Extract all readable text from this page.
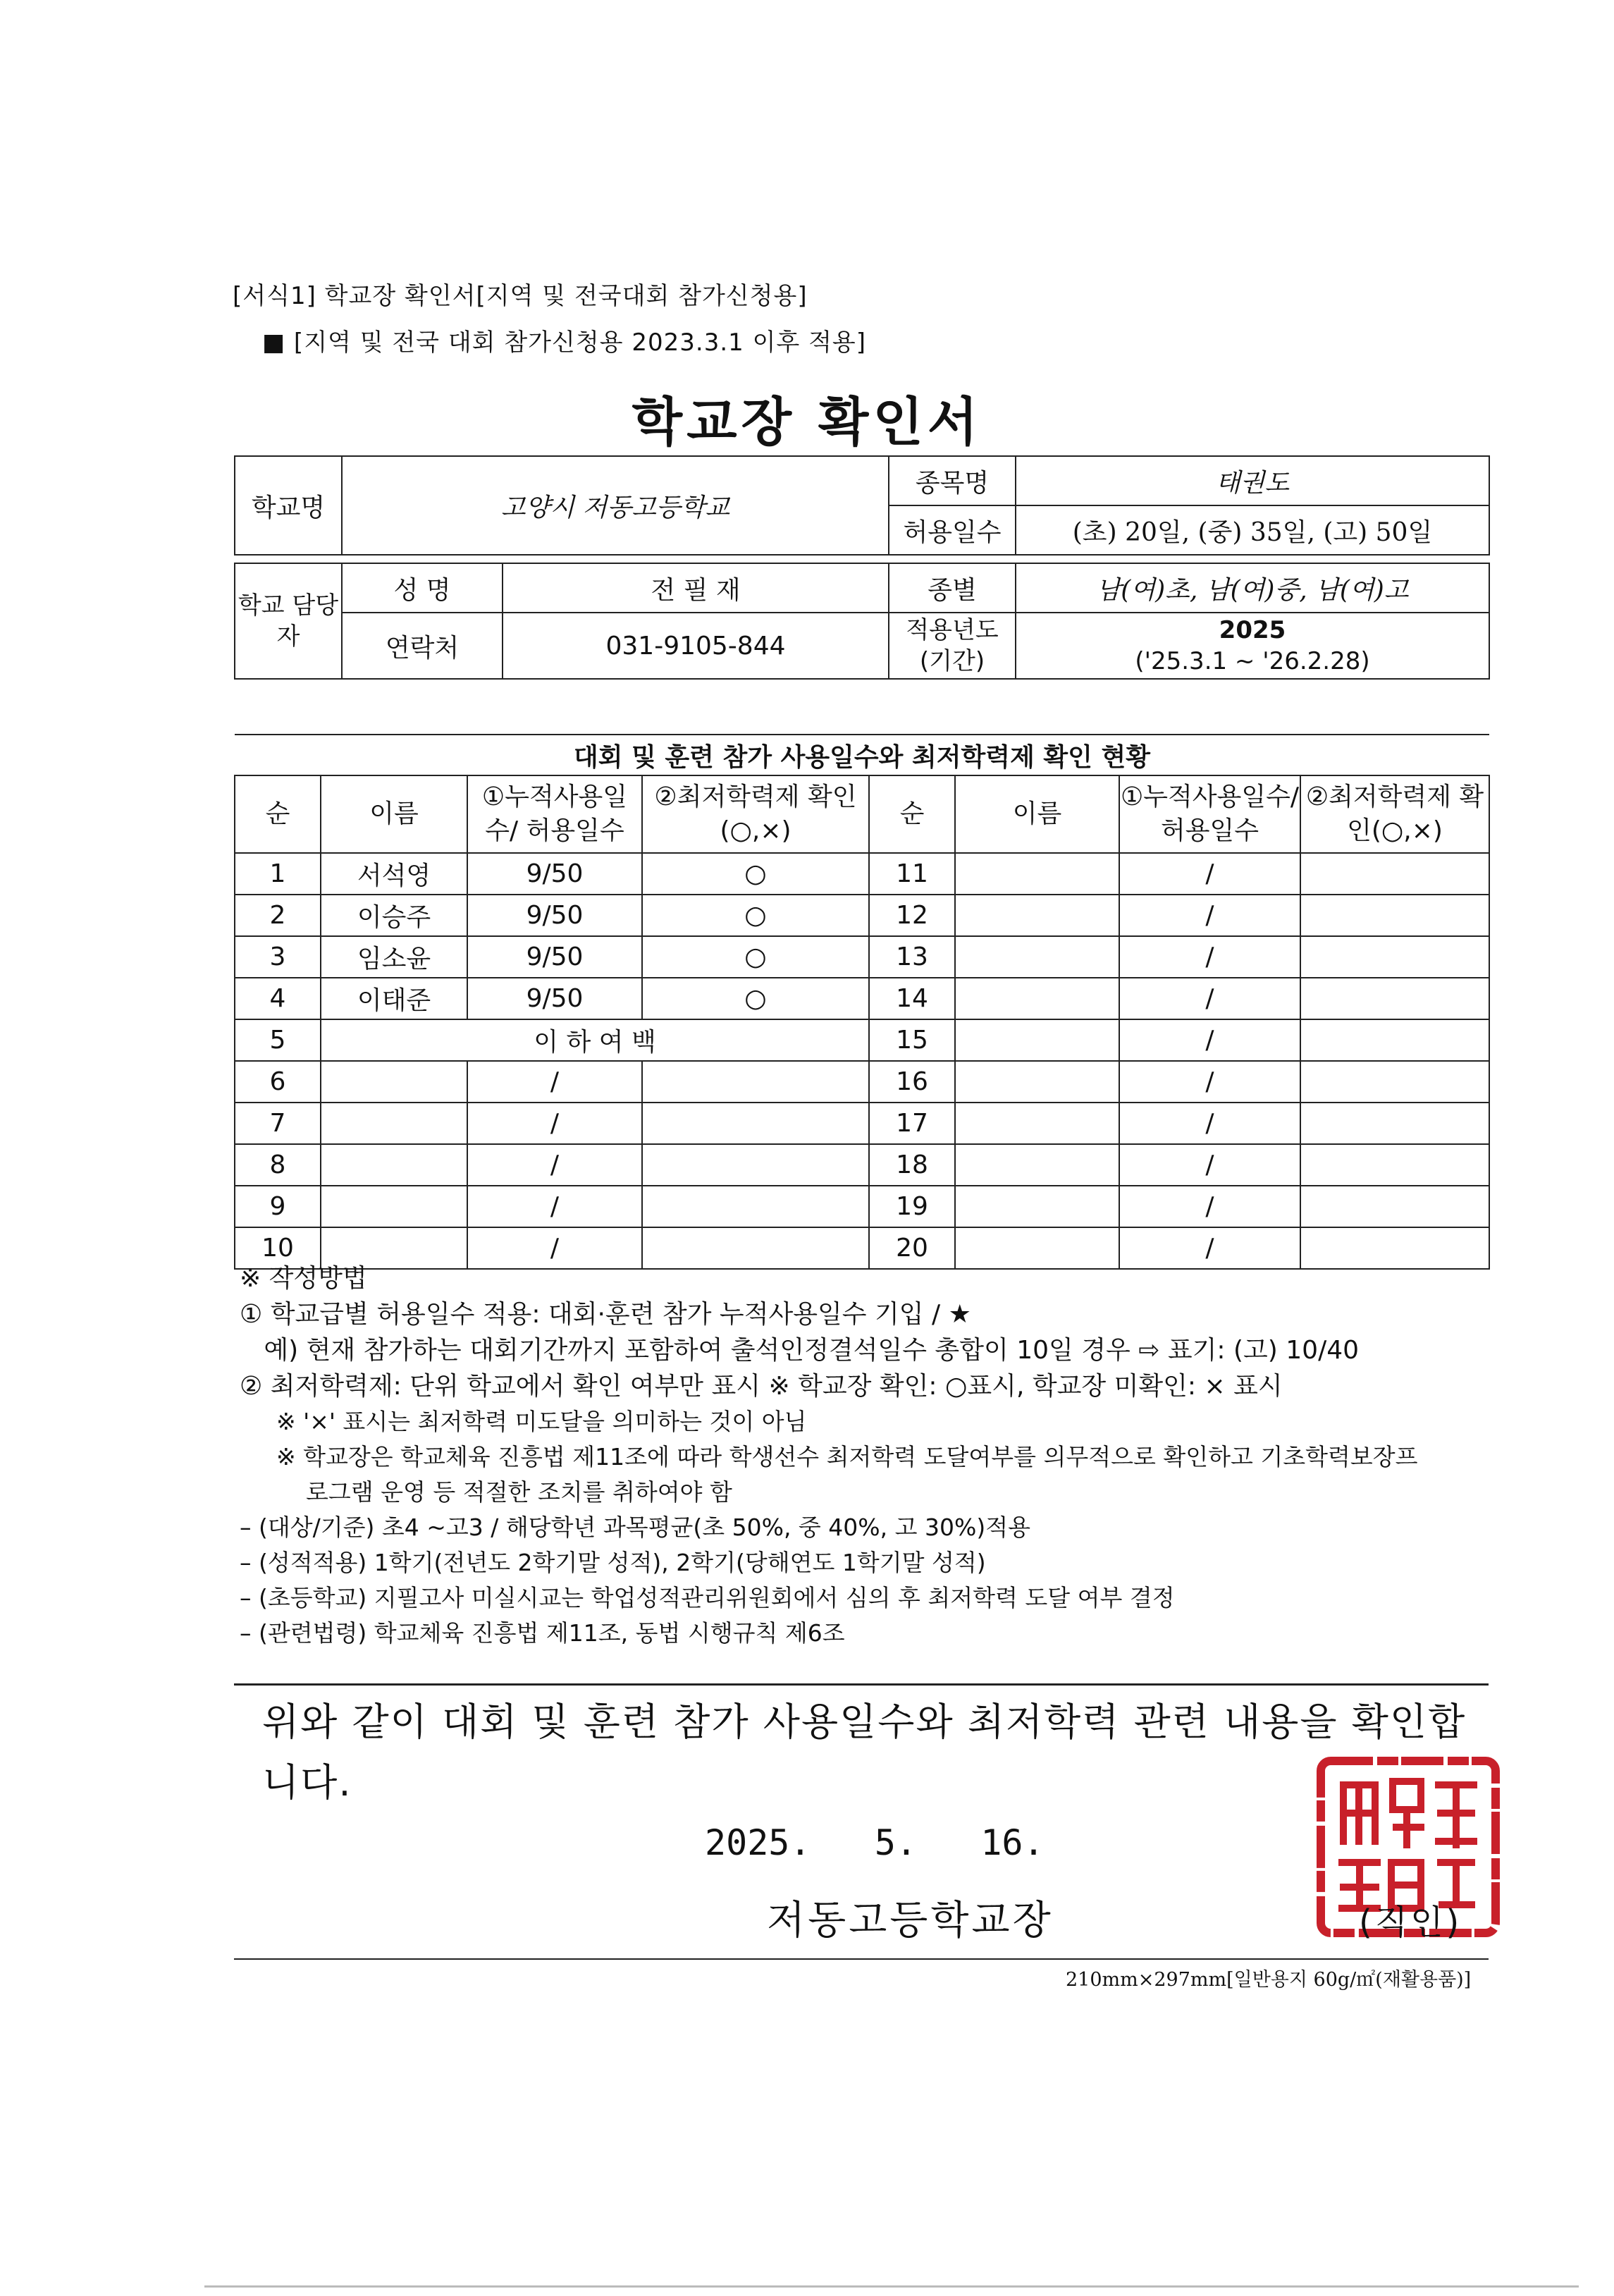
[서식1] 학교장 확인서[지역 및 전국대회 참가신청용]
■ [지역 및 전국 대회 참가신청용 2023.3.1 이후 적용]
학교장 확인서
학교명	고양시 저동고등학교		종목명	태권도
			허용일수	(초) 20일, (중) 35일, (고) 50일

학교 담당자	성 명	전 필 재	종별	남(여)초, 남(여)중, 남(여)고
	연락처	031-9105-844	적용년도 (기간)	2025
('25.3.1 ~ '26.2.28)
대회 및 훈련 참가 사용일수와 최저학력제 확인 현황							
순	이름	①누적사용일수/ 허용일수	②최저학력제 확인(○,×)	순	이름	①누적사용일수/ 허용일수	②최저학력제 확인(○,×)
1	서석영	9/50	○	11		/	
2	이승주	9/50	○	12		/	
3	임소윤	9/50	○	13		/	
4	이태준	9/50	○	14		/	
5	이 하 여 백			15		/	
6		/		16		/	
7		/		17		/	
8		/		18		/	
9		/		19		/	
10		/		20		/	
※ 작성방법
① 학교급별 허용일수 적용: 대회·훈련 참가 누적사용일수 기입 / ★
예) 현재 참가하는 대회기간까지 포함하여 출석인정결석일수 총합이 10일 경우 ⇨ 표기: (고) 10/40
② 최저학력제: 단위 학교에서 확인 여부만 표시 ※ 학교장 확인: ○표시, 학교장 미확인: × 표시
※ '×' 표시는 최저학력 미도달을 의미하는 것이 아님
※ 학교장은 학교체육 진흥법 제11조에 따라 학생선수 최저학력 도달여부를 의무적으로 확인하고 기초학력보장프
로그램 운영 등 적절한 조치를 취하여야 함
– (대상/기준) 초4 ~고3 / 해당학년 과목평균(초 50%, 중 40%, 고 30%)적용
– (성적적용) 1학기(전년도 2학기말 성적), 2학기(당해연도 1학기말 성적)
– (초등학교) 지필고사 미실시교는 학업성적관리위원회에서 심의 후 최저학력 도달 여부 결정
– (관련법령) 학교체육 진흥법 제11조, 동법 시행규칙 제6조
위와 같이 대회 및 훈련 참가 사용일수와 최저학력 관련 내용을 확인합니다.
2025.   5.   16.
저동고등학교장	(직인)
210mm×297mm[일반용지 60g/㎡(재활용품)]
